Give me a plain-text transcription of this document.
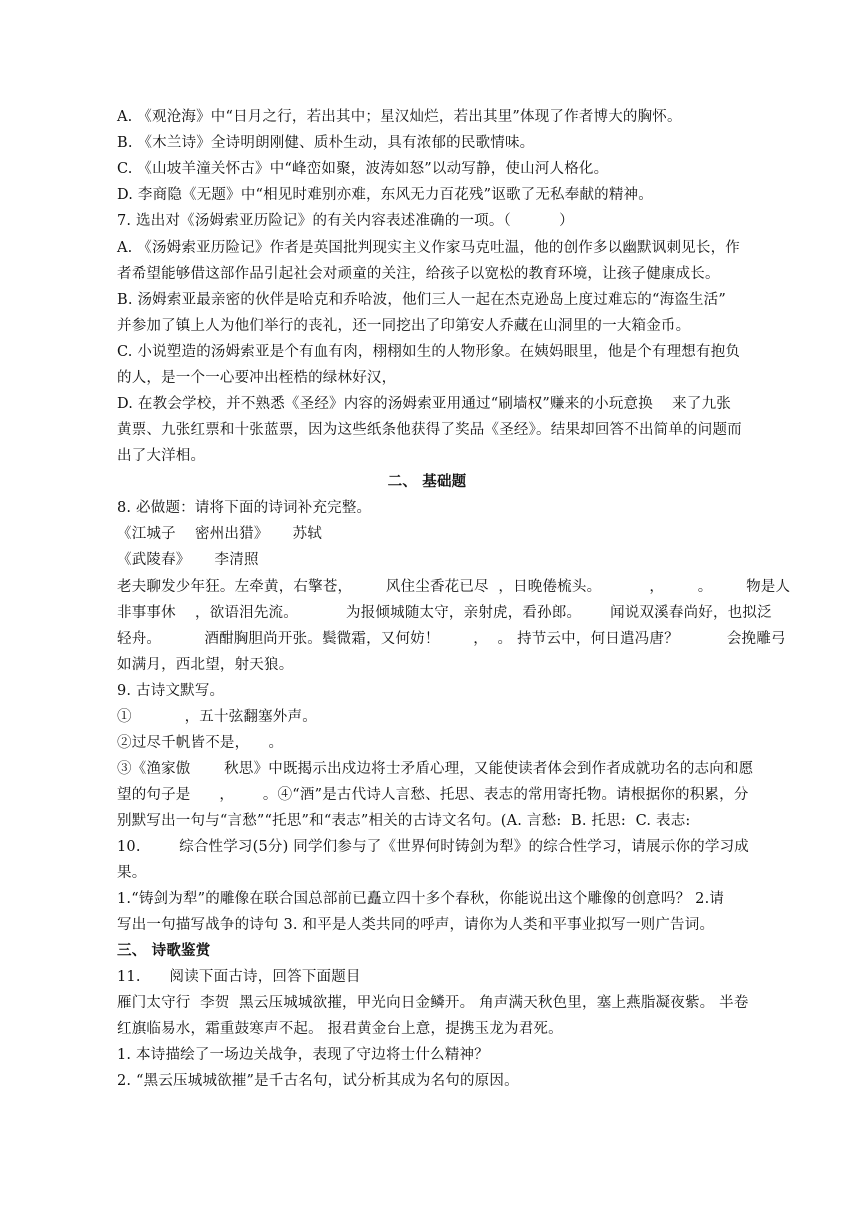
A. 《观沧海》中“日月之行，若出其中；星汉灿烂，若出其里”体现了作者博大的胸怀。
B. 《木兰诗》全诗明朗刚健、质朴生动，具有浓郁的民歌情味。
C. 《山坡羊潼关怀古》中“峰峦如聚，波涛如怒”以动写静，使山河人格化。
D. 李商隐《无题》中“相见时难别亦难，东风无力百花残”讴歌了无私奉献的精神。
7. 选出对《汤姆索亚历险记》的有关内容表述准确的一项。（          ）
A. 《汤姆索亚历险记》作者是英国批判现实主义作家马克吐温，他的创作多以幽默讽刺见长，作
者希望能够借这部作品引起社会对顽童的关注，给孩子以宽松的教育环境，让孩子健康成长。
B. 汤姆索亚最亲密的伙伴是哈克和乔哈波，他们三人一起在杰克逊岛上度过难忘的“海盗生活”
并参加了镇上人为他们举行的丧礼，还一同挖出了印第安人乔藏在山洞里的一大箱金币。
C. 小说塑造的汤姆索亚是个有血有肉，栩栩如生的人物形象。在姨妈眼里，他是个有理想有抱负
的人，是一个一心要冲出桎梏的绿林好汉，
D. 在教会学校，并不熟悉《圣经》内容的汤姆索亚用通过“刷墙权”赚来的小玩意换    来了九张
黄票、九张红票和十张蓝票，因为这些纸条他获得了奖品《圣经》。结果却回答不出简单的问题而
出了大洋相。
二、 基础题
8. 必做题：请将下面的诗词补充完整。
《江城子    密州出猎》     苏轼
《武陵春》     李清照
老夫聊发少年狂。左牵黄，右擎苍，       风住尘香花已尽  ，日晚倦梳头。          ，       。       物是人
非事事休    ，欲语泪先流。          为报倾城随太守，亲射虎，看孙郎。      闻说双溪春尚好，也拟泛
轻舟。         酒酣胸胆尚开张。鬓微霜，又何妨！       ，  。 持节云中，何日遣冯唐？          会挽雕弓
如满月，西北望，射天狼。
9. 古诗文默写。
①           ，五十弦翻塞外声。
②过尽千帆皆不是，    。
③《渔家傲       秋思》中既揭示出戍边将士矛盾心理，又能使读者体会到作者成就功名的志向和愿
望的句子是      ，      。④“酒”是古代诗人言愁、托思、表志的常用寄托物。请根据你的积累，分
别默写出一句与“言愁”“托思”和“表志”相关的古诗文名句。(A. 言愁:  B. 托思:  C. 表志:
10.        综合性学习(5分) 同学们参与了《世界何时铸剑为犁》的综合性学习，请展示你的学习成
果。
1.“铸剑为犁”的雕像在联合国总部前已矗立四十多个春秋，你能说出这个雕像的创意吗？ 2.请
写出一句描写战争的诗句 3. 和平是人类共同的呼声，请你为人类和平事业拟写一则广告词。
三、 诗歌鉴赏
11.      阅读下面古诗，回答下面题目
雁门太守行  李贺  黑云压城城欲摧，甲光向日金鳞开。 角声满天秋色里，塞上燕脂凝夜紫。 半卷
红旗临易水，霜重鼓寒声不起。 报君黄金台上意，提携玉龙为君死。
1. 本诗描绘了一场边关战争，表现了守边将士什么精神？
2. “黑云压城城欲摧”是千古名句，试分析其成为名句的原因。
